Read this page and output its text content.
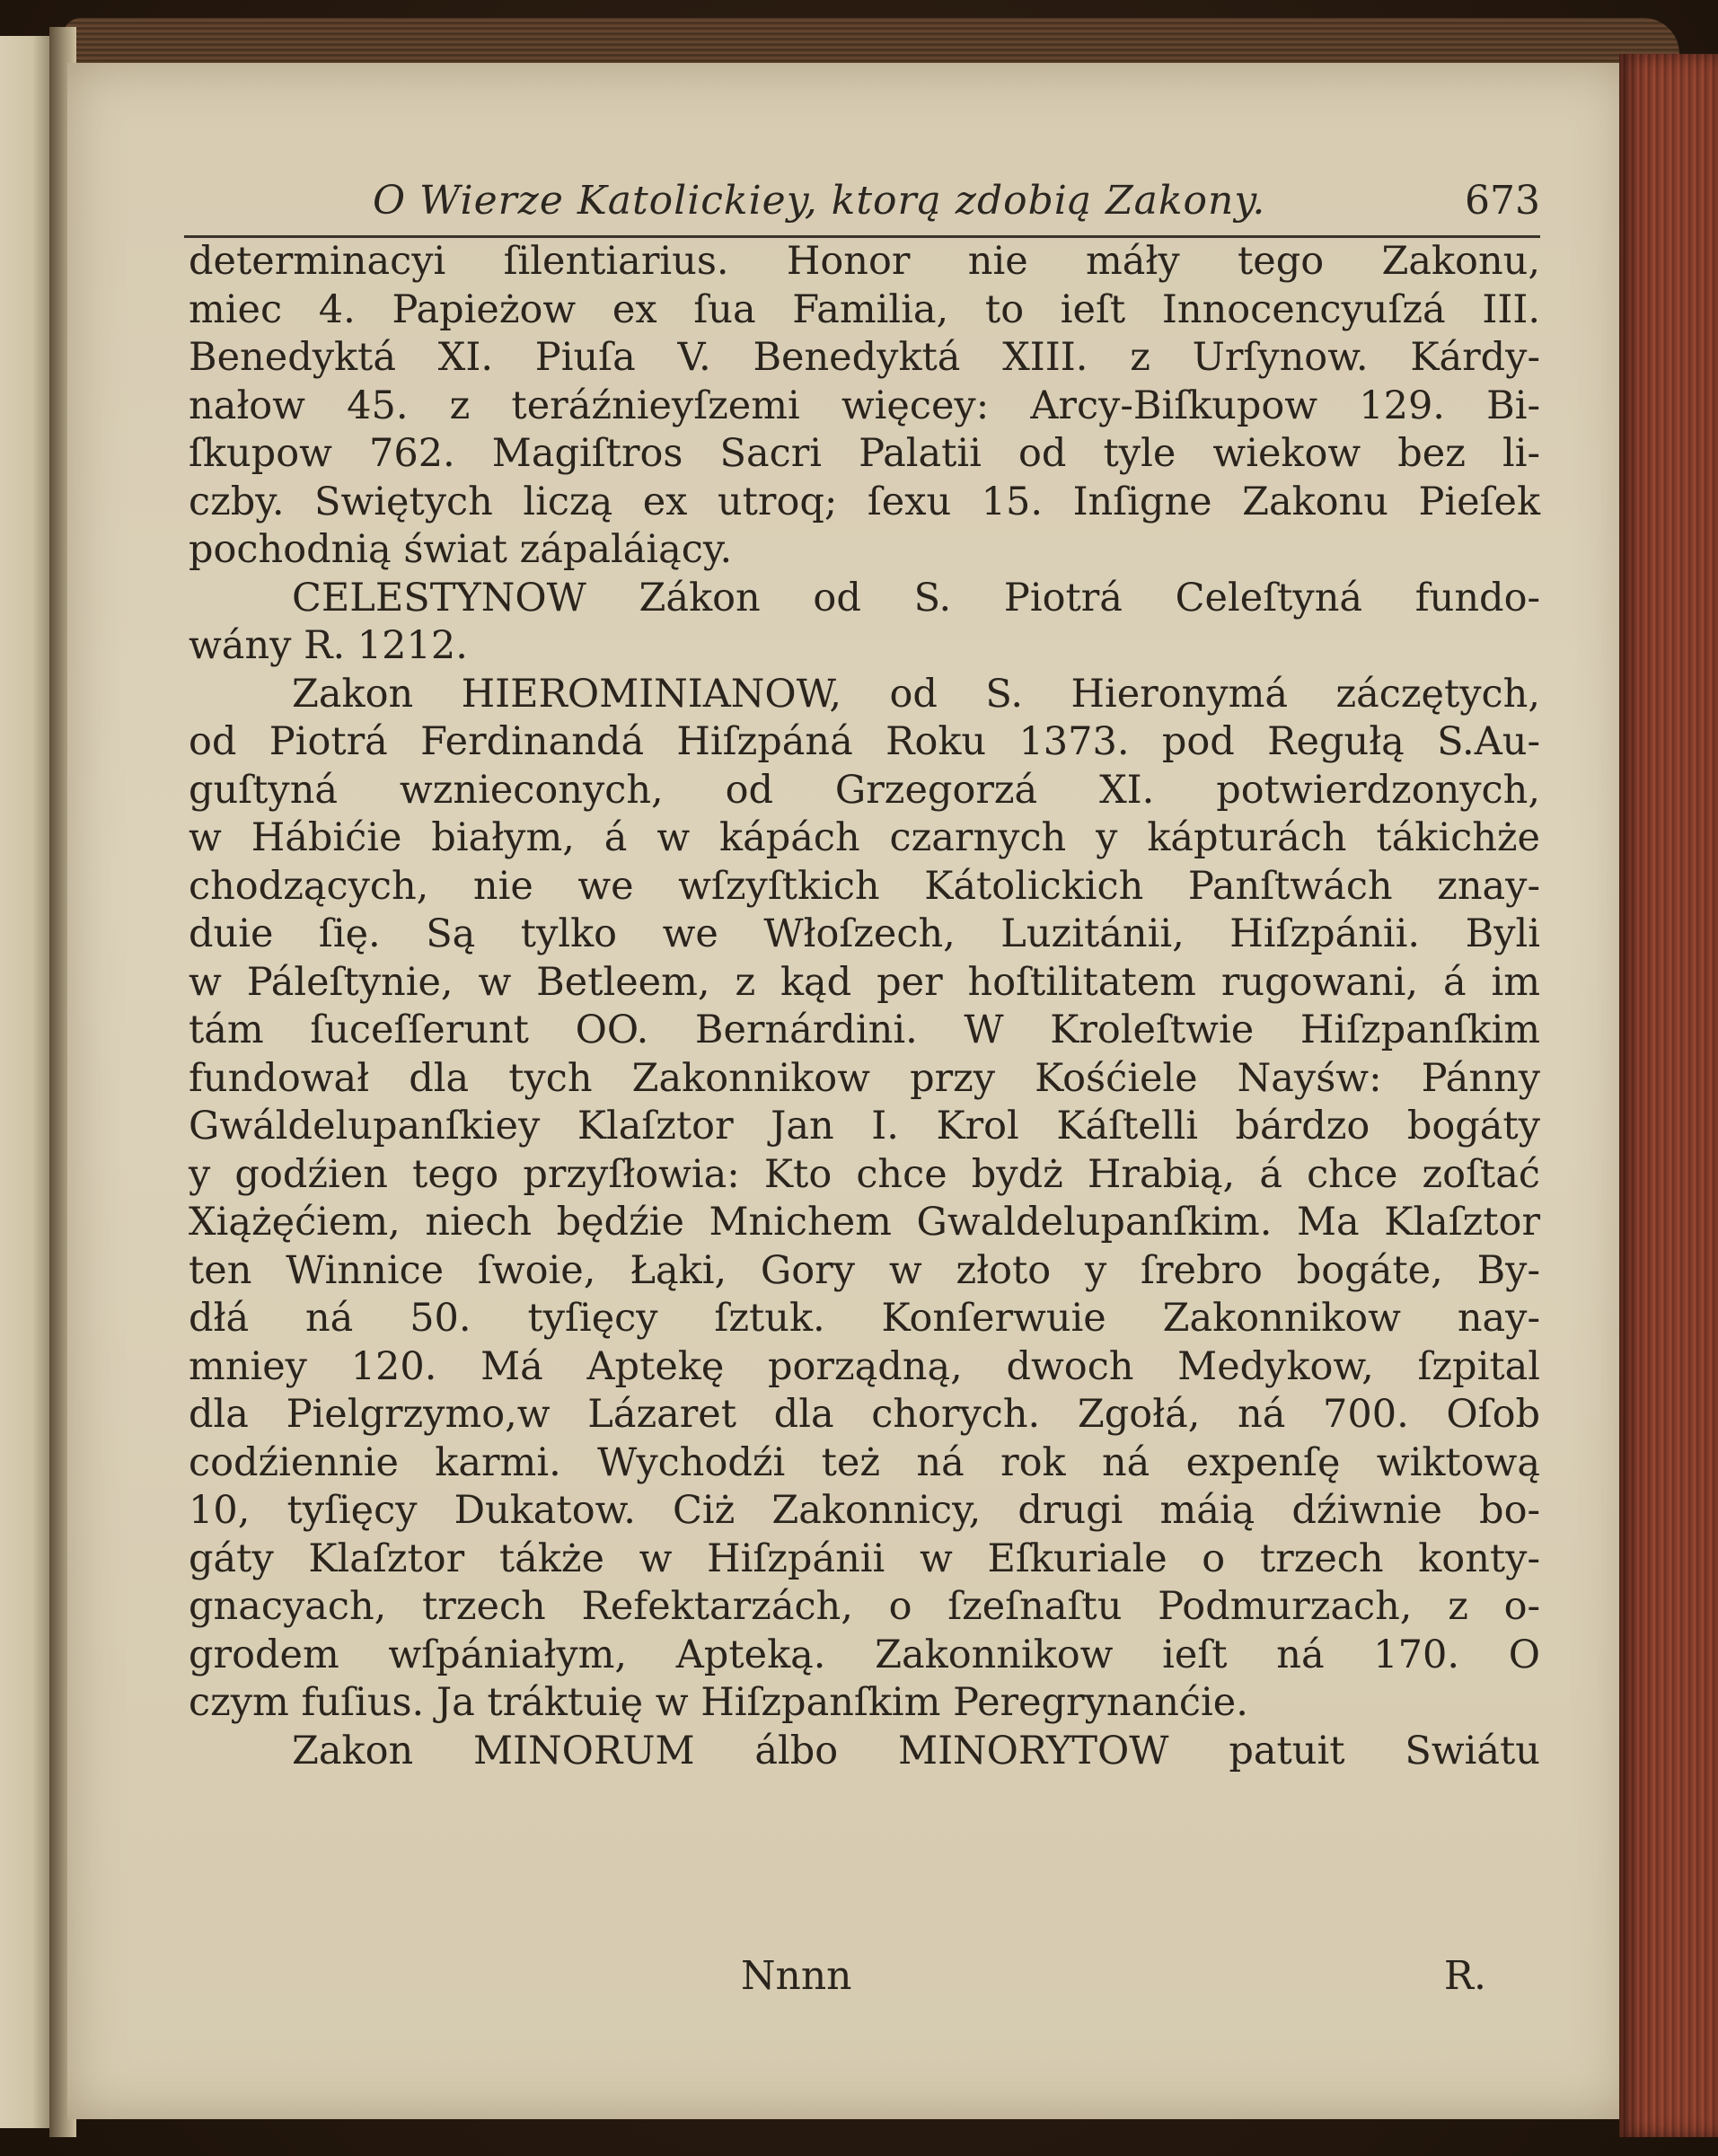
O Wierze Katolickiey, ktorą zdobią Zakony.	673
determinacyi ſilentiarius. Honor nie máły tego Zakonu,
miec 4. Papieżow ex ſua Familia, to ieſt Innocencyuſzá III.
Benedyktá XI. Piuſa V. Benedyktá XIII. z Urſynow. Kárdy-
nałow 45. z teráźnieyſzemi więcey: Arcy-Biſkupow 129. Bi-
ſkupow 762. Magiſtros Sacri Palatii od tyle wiekow bez li-
czby. Swiętych liczą ex utroq; ſexu 15. Inſigne Zakonu Pieſek
pochodnią świat zápaláiący.
CELESTYNOW Zákon od S. Piotrá Celeſtyná fundo-
wány R. 1212.
Zakon HIEROMINIANOW, od S. Hieronymá záczętych,
od Piotrá Ferdinandá Hiſzpáná Roku 1373. pod Regułą S.Au-
guſtyná wznieconych, od Grzegorzá XI. potwierdzonych,
w Hábićie białym, á w kápách czarnych y kápturách tákichże
chodzących, nie we wſzyſtkich Kátolickich Panſtwách znay-
duie ſię. Są tylko we Włoſzech, Luzitánii, Hiſzpánii. Byli
w Páleſtynie, w Betleem, z kąd per hoſtilitatem rugowani, á im
tám ſuceſſerunt OO. Bernárdini. W Kroleſtwie Hiſzpanſkim
fundował dla tych Zakonnikow przy Kośćiele Nayśw: Pánny
Gwáldelupanſkiey Klaſztor Jan I. Krol Káſtelli bárdzo bogáty
y godźien tego przyſłowia: Kto chce bydż Hrabią, á chce zoſtać
Xiążęćiem, niech będźie Mnichem Gwaldelupanſkim. Ma Klaſztor
ten Winnice ſwoie, Łąki, Gory w złoto y ſrebro bogáte, By-
dłá ná 50. tyſięcy ſztuk. Konſerwuie Zakonnikow nay-
mniey 120. Má Aptekę porządną, dwoch Medykow, ſzpital
dla Pielgrzymo,w Lázaret dla chorych. Zgołá, ná 700. Oſob
codźiennie karmi. Wychodźi też ná rok ná expenſę wiktową
10, tyſięcy Dukatow. Ciż Zakonnicy, drugi máią dźiwnie bo-
gáty Klaſztor tákże w Hiſzpánii w Eſkuriale o trzech konty-
gnacyach, trzech Refektarzách, o ſzeſnaſtu Podmurzach, z o-
grodem wſpániałym, Apteką. Zakonnikow ieſt ná 170. O
czym fuſius. Ja tráktuię w Hiſzpanſkim Peregrynanćie.
Zakon MINORUM álbo MINORYTOW patuit Swiátu
Nnnn	R.
